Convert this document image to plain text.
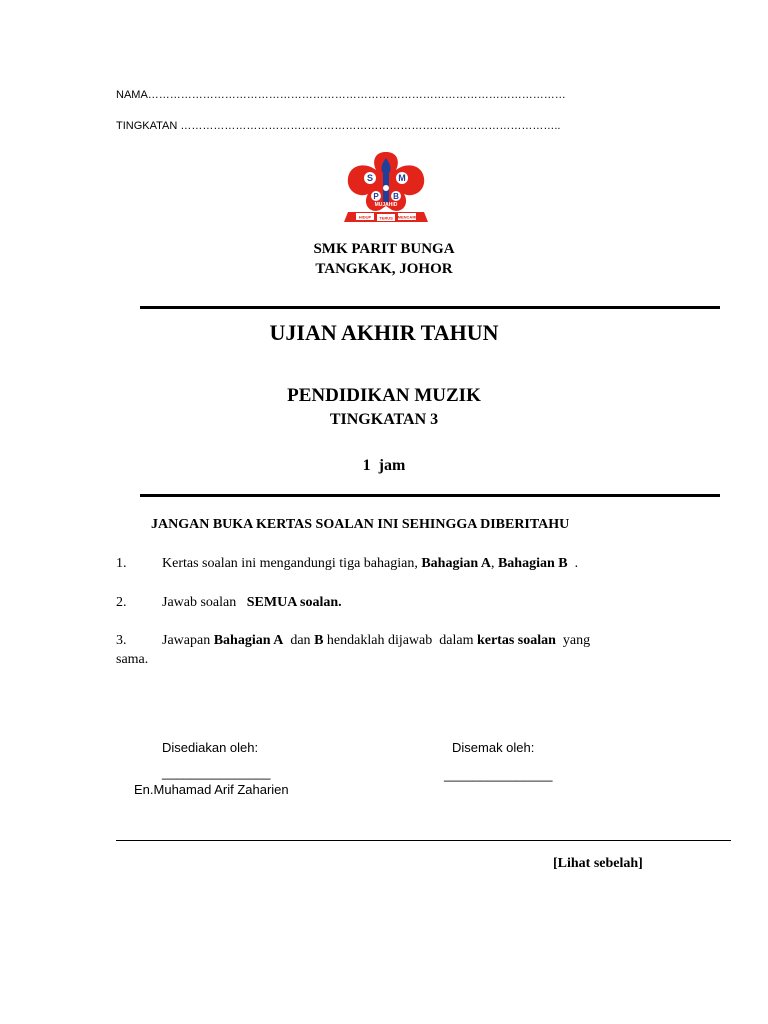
NAMA……………………………………………………………………………………………………
TINGKATAN …………………………………………………………………………………………..
S	M
P B
MUJAHID
HIDUP TERUS MENCARI
SMK PARIT BUNGA
TANGKAK, JOHOR
UJIAN AKHIR TAHUN
PENDIDIKAN MUZIK
TINGKATAN 3
1  jam
JANGAN BUKA KERTAS SOALAN INI SEHINGGA DIBERITAHU
1.	Kertas soalan ini mengandungi tiga bahagian, Bahagian A, Bahagian B  .
2.	Jawab soalan SEMUA soalan.
3.	Jawapan Bahagian A dan B hendaklah dijawab  dalam kertas soalan yang
sama.
Disediakan oleh:	Disemak oleh:
_______________	_______________
En.Muhamad Arif Zaharien
[Lihat sebelah]
